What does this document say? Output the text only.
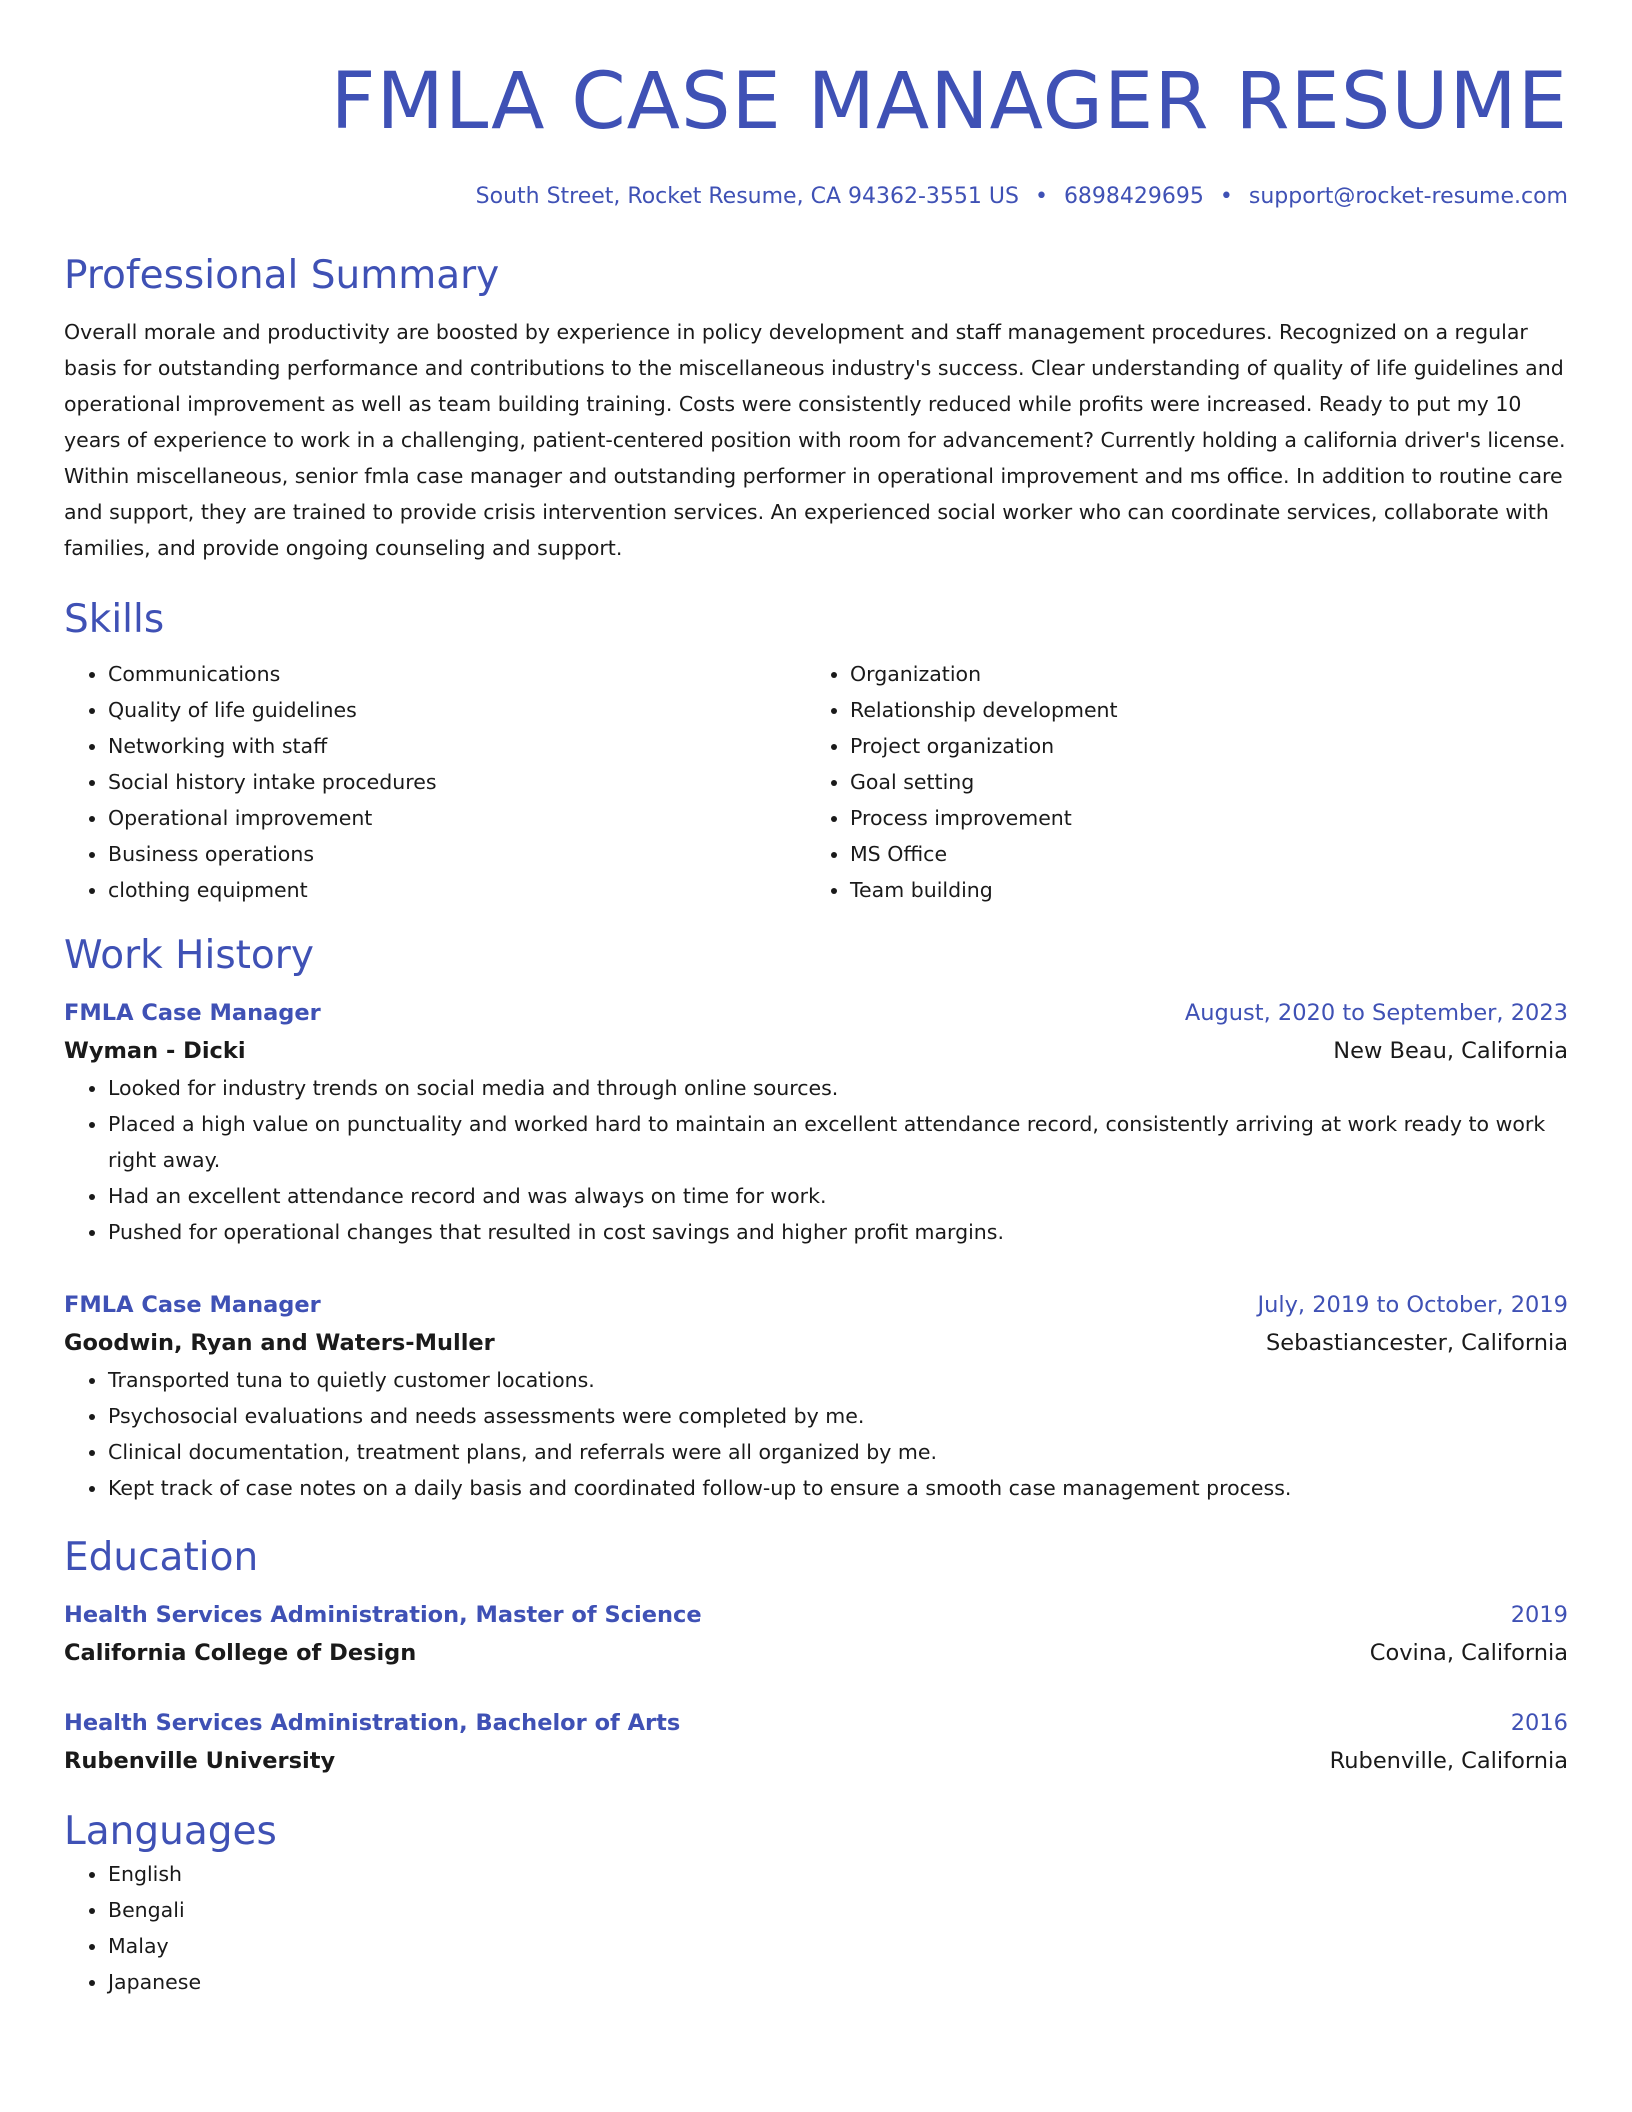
FMLA CASE MANAGER RESUME
South Street, Rocket Resume, CA 94362-3551 US • 6898429695 • support@rocket-resume.com
Professional Summary

Overall morale and productivity are boosted by experience in policy development and staff management procedures. Recognized on a regular basis for outstanding performance and contributions to the miscellaneous industry's success. Clear understanding of quality of life guidelines and operational improvement as well as team building training. Costs were consistently reduced while profits were increased. Ready to put my 10 years of experience to work in a challenging, patient-centered position with room for advancement? Currently holding a california driver's license. Within miscellaneous, senior fmla case manager and outstanding performer in operational improvement and ms office. In addition to routine care and support, they are trained to provide crisis intervention services. An experienced social worker who can coordinate services, collaborate with families, and provide ongoing counseling and support.

Skills
• Communications
• Quality of life guidelines
• Networking with staff
• Social history intake procedures
• Operational improvement
• Business operations
• clothing equipment
• Organization
• Relationship development
• Project organization
• Goal setting
• Process improvement
• MS Office
• Team building
Work History
FMLA Case Manager	August, 2020 to September, 2023
Wyman - Dicki	New Beau, California
• Looked for industry trends on social media and through online sources.
• Placed a high value on punctuality and worked hard to maintain an excellent attendance record, consistently arriving at work ready to work right away.
• Had an excellent attendance record and was always on time for work.
• Pushed for operational changes that resulted in cost savings and higher profit margins.
FMLA Case Manager	July, 2019 to October, 2019
Goodwin, Ryan and Waters-Muller	Sebastiancester, California
• Transported tuna to quietly customer locations.
• Psychosocial evaluations and needs assessments were completed by me.
• Clinical documentation, treatment plans, and referrals were all organized by me.
• Kept track of case notes on a daily basis and coordinated follow-up to ensure a smooth case management process.
Education
Health Services Administration, Master of Science	2019
California College of Design	Covina, California
Health Services Administration, Bachelor of Arts	2016
Rubenville University	Rubenville, California
Languages
• English
• Bengali
• Malay
• Japanese
